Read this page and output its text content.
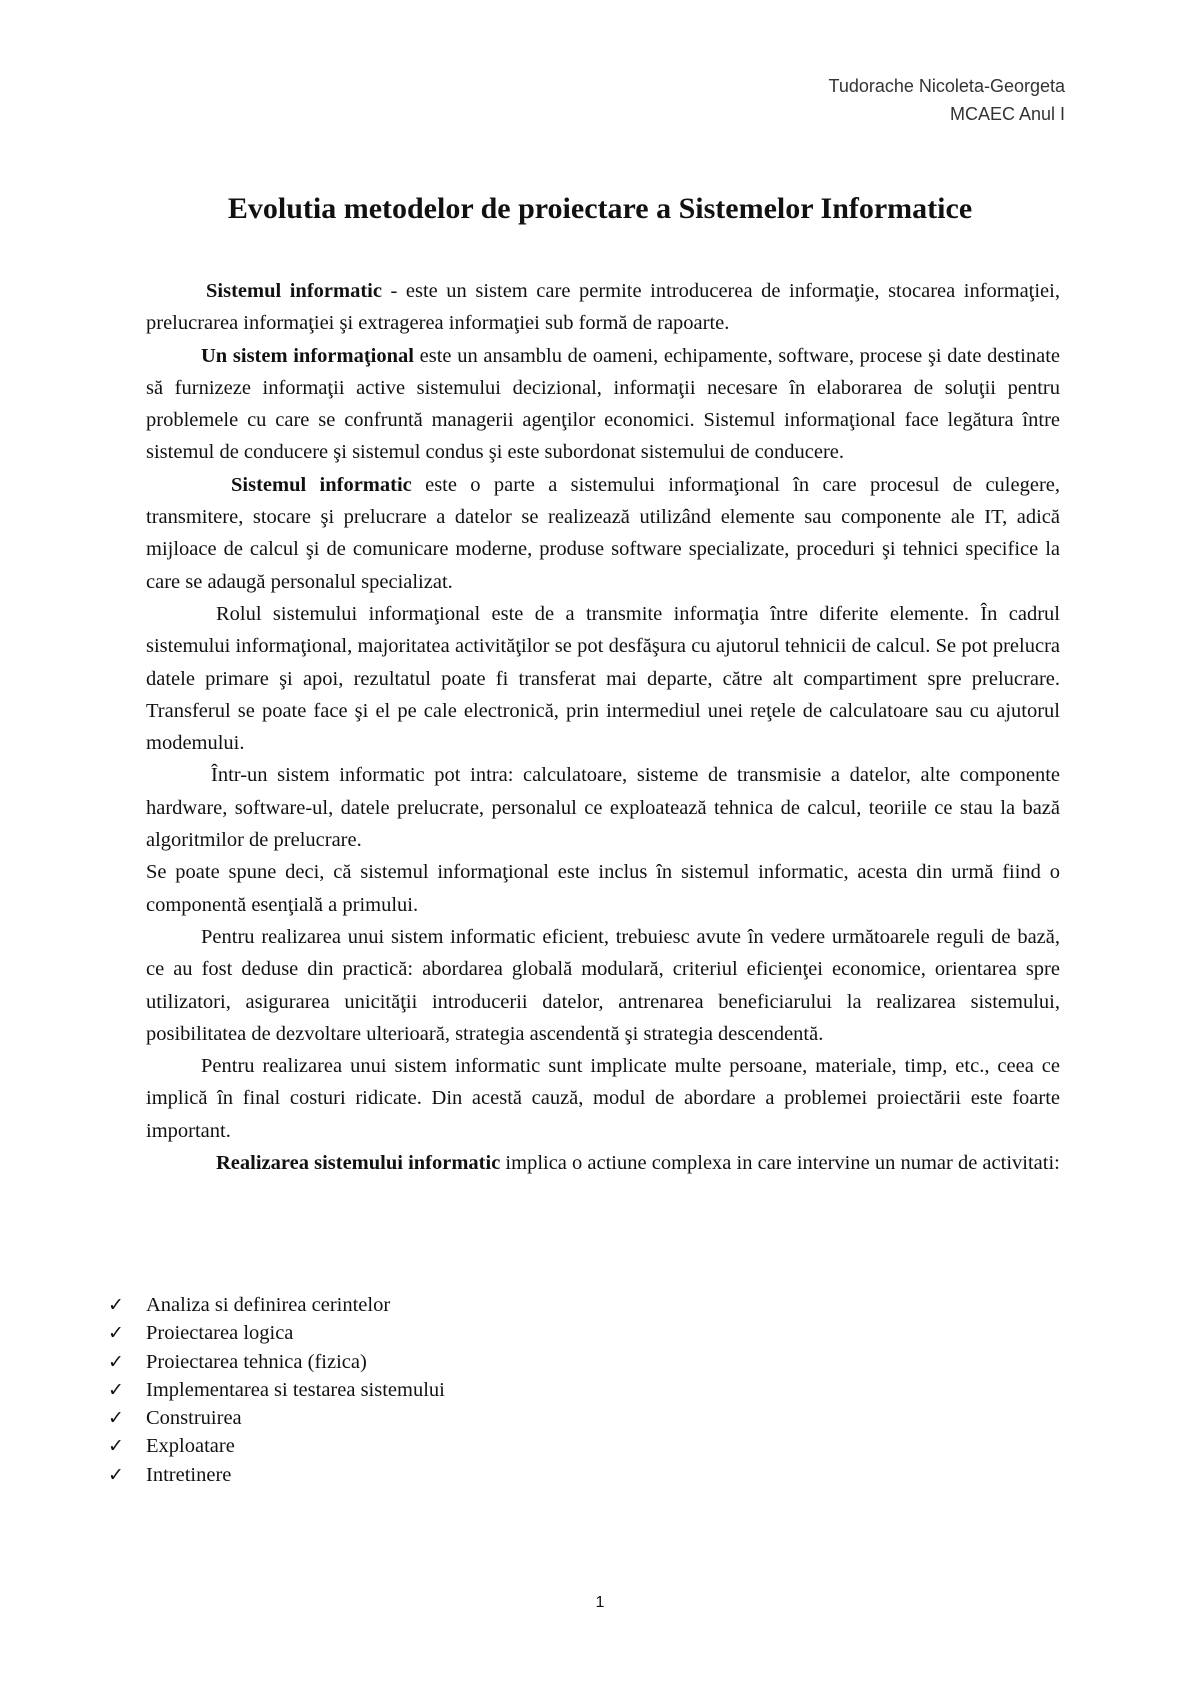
Tudorache Nicoleta-Georgeta
MCAEC Anul I
Evolutia metodelor de proiectare a Sistemelor Informatice

Sistemul informatic - este un sistem care permite introducerea de informaţie, stocarea informaţiei, prelucrarea informaţiei şi extragerea informaţiei sub formă de rapoarte.

Un sistem informaţional este un ansamblu de oameni, echipamente, software, procese şi date destinate să furnizeze informaţii active sistemului decizional, informaţii necesare în elaborarea de soluţii pentru problemele cu care se confruntă managerii agenţilor economici. Sistemul informaţional face legătura între sistemul de conducere şi sistemul condus şi este subordonat sistemului de conducere.

Sistemul informatic este o parte a sistemului informaţional în care procesul de culegere, transmitere, stocare şi prelucrare a datelor se realizează utilizând elemente sau componente ale IT, adică mijloace de calcul şi de comunicare moderne, produse software specializate, proceduri şi tehnici specifice la care se adaugă personalul specializat.

Rolul sistemului informaţional este de a transmite informaţia între diferite elemente. În cadrul sistemului informaţional, majoritatea activităţilor se pot desfăşura cu ajutorul tehnicii de calcul. Se pot prelucra datele primare şi apoi, rezultatul poate fi transferat mai departe, către alt compartiment spre prelucrare. Transferul se poate face şi el pe cale electronică, prin intermediul unei reţele de calculatoare sau cu ajutorul modemului.

Într-un sistem informatic pot intra: calculatoare, sisteme de transmisie a datelor, alte componente hardware, software-ul, datele prelucrate, personalul ce exploatează tehnica de calcul, teoriile ce stau la bază algoritmilor de prelucrare.

Se poate spune deci, că sistemul informaţional este inclus în sistemul informatic, acesta din urmă fiind o componentă esenţială a primului.

Pentru realizarea unui sistem informatic eficient, trebuiesc avute în vedere următoarele reguli de bază, ce au fost deduse din practică: abordarea globală modulară, criteriul eficienţei economice, orientarea spre utilizatori, asigurarea unicităţii introducerii datelor, antrenarea beneficiarului la realizarea sistemului, posibilitatea de dezvoltare ulterioară, strategia ascendentă şi strategia descendentă.

Pentru realizarea unui sistem informatic sunt implicate multe persoane, materiale, timp, etc., ceea ce implică în final costuri ridicate. Din acestă cauză, modul de abordare a problemei proiectării este foarte important.

Realizarea sistemului informatic implica o actiune complexa in care intervine un numar de activitati:

✓	Analiza si definirea cerintelor
✓	Proiectarea logica
✓	Proiectarea tehnica (fizica)
✓	Implementarea si testarea sistemului
✓	Construirea
✓	Exploatare
✓	Intretinere
1
